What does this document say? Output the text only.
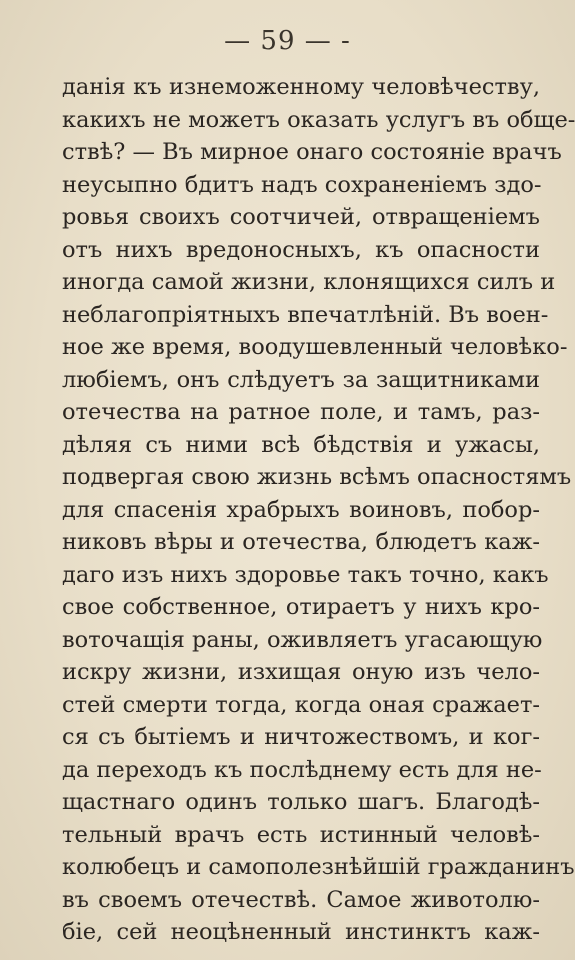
— 59 — -
данія къ изнеможенному человѣчеству,
какихъ не можетъ оказать услугъ въ обще-
ствѣ? — Въ мирное онаго состояніе врачъ
неусыпно бдитъ надъ сохраненіемъ здо-
ровья своихъ соотчичей, отвращеніемъ
отъ нихъ вредоносныхъ, къ опасности
иногда самой жизни, клонящихся силъ и
неблагопріятныхъ впечатлѣній. Въ воен-
ное же время, воодушевленный человѣко-
любіемъ, онъ слѣдуетъ за защитниками
отечества на ратное поле, и тамъ, раз-
дѣляя съ ними всѣ бѣдствія и ужасы,
подвергая свою жизнь всѣмъ опасностямъ
для спасенія храбрыхъ воиновъ, побор-
никовъ вѣры и отечества, блюдетъ каж-
даго изъ нихъ здоровье такъ точно, какъ
свое собственное, отираетъ у нихъ кро-
воточащія раны, оживляетъ угасающую
искру жизни, изхищая оную изъ чело-
стей смерти тогда, когда оная сражает-
ся съ бытіемъ и ничтожествомъ, и ког-
да переходъ къ послѣднему есть для не-
щастнаго одинъ только шагъ. Благодѣ-
тельный врачъ есть истинный человѣ-
колюбецъ и самополезнѣйшій гражданинъ
въ своемъ отечествѣ. Самое животолю-
біе, сей неоцѣненный инстинктъ каж-
